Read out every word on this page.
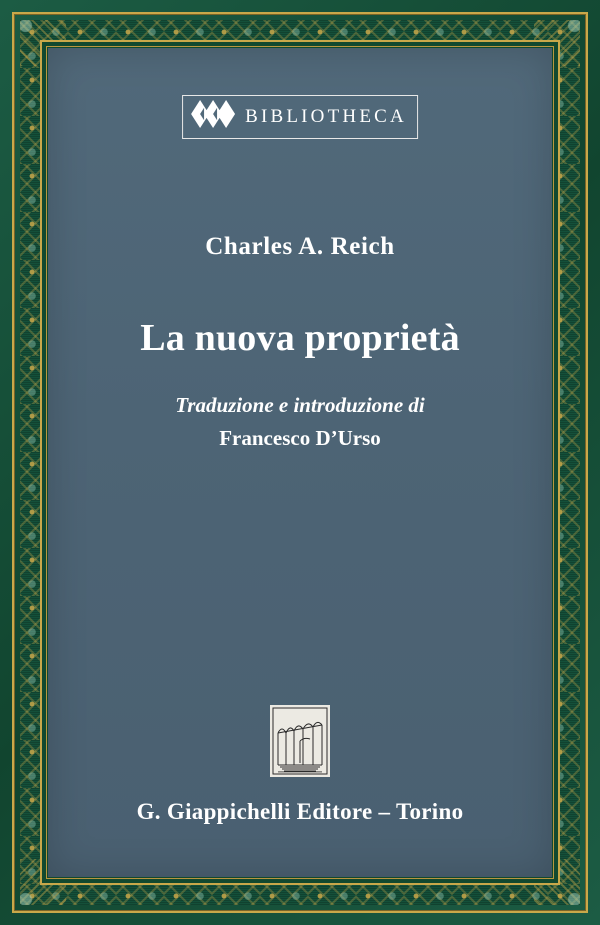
BIBLIOTHECA
Charles A. Reich
La nuova proprietà
Traduzione e introduzione di
Francesco D’Urso
G. Giappichelli Editore – Torino
